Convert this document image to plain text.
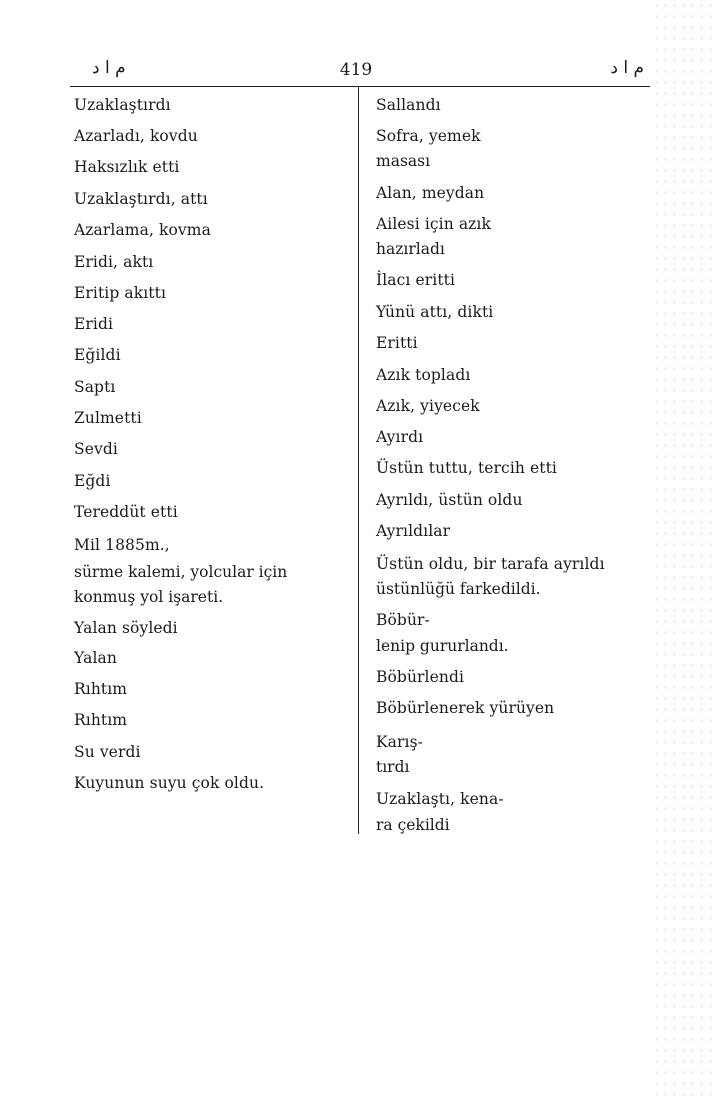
م ا د	419	م ا د
Uzaklaştırdı
Azarladı, kovdu
Haksızlık etti
Uzaklaştırdı, attı
Azarlama, kovma
Eridi, aktı
Eritip akıttı
Eridi
Eğildi
Saptı
Zulmetti
Sevdi
Eğdi
Tereddüt etti
Mil 1885m.,
sürme kalemi, yolcular için
konmuş yol işareti.
Yalan söyledi
Yalan
Rıhtım
Rıhtım
Su verdi
Kuyunun suyu çok oldu.
Sallandı
Sofra, yemek
masası
Alan, meydan
Ailesi için azık
hazırladı
İlacı eritti
Yünü attı, dikti
Eritti
Azık topladı
Azık, yiyecek
Ayırdı
Üstün tuttu, tercih etti
Ayrıldı, üstün oldu
Ayrıldılar
Üstün oldu, bir tarafa ayrıldı
üstünlüğü farkedildi.
Böbür-
lenip gururlandı.
Böbürlendi
Böbürlenerek yürüyen
Karış-
tırdı
Uzaklaştı, kena-
ra çekildi
